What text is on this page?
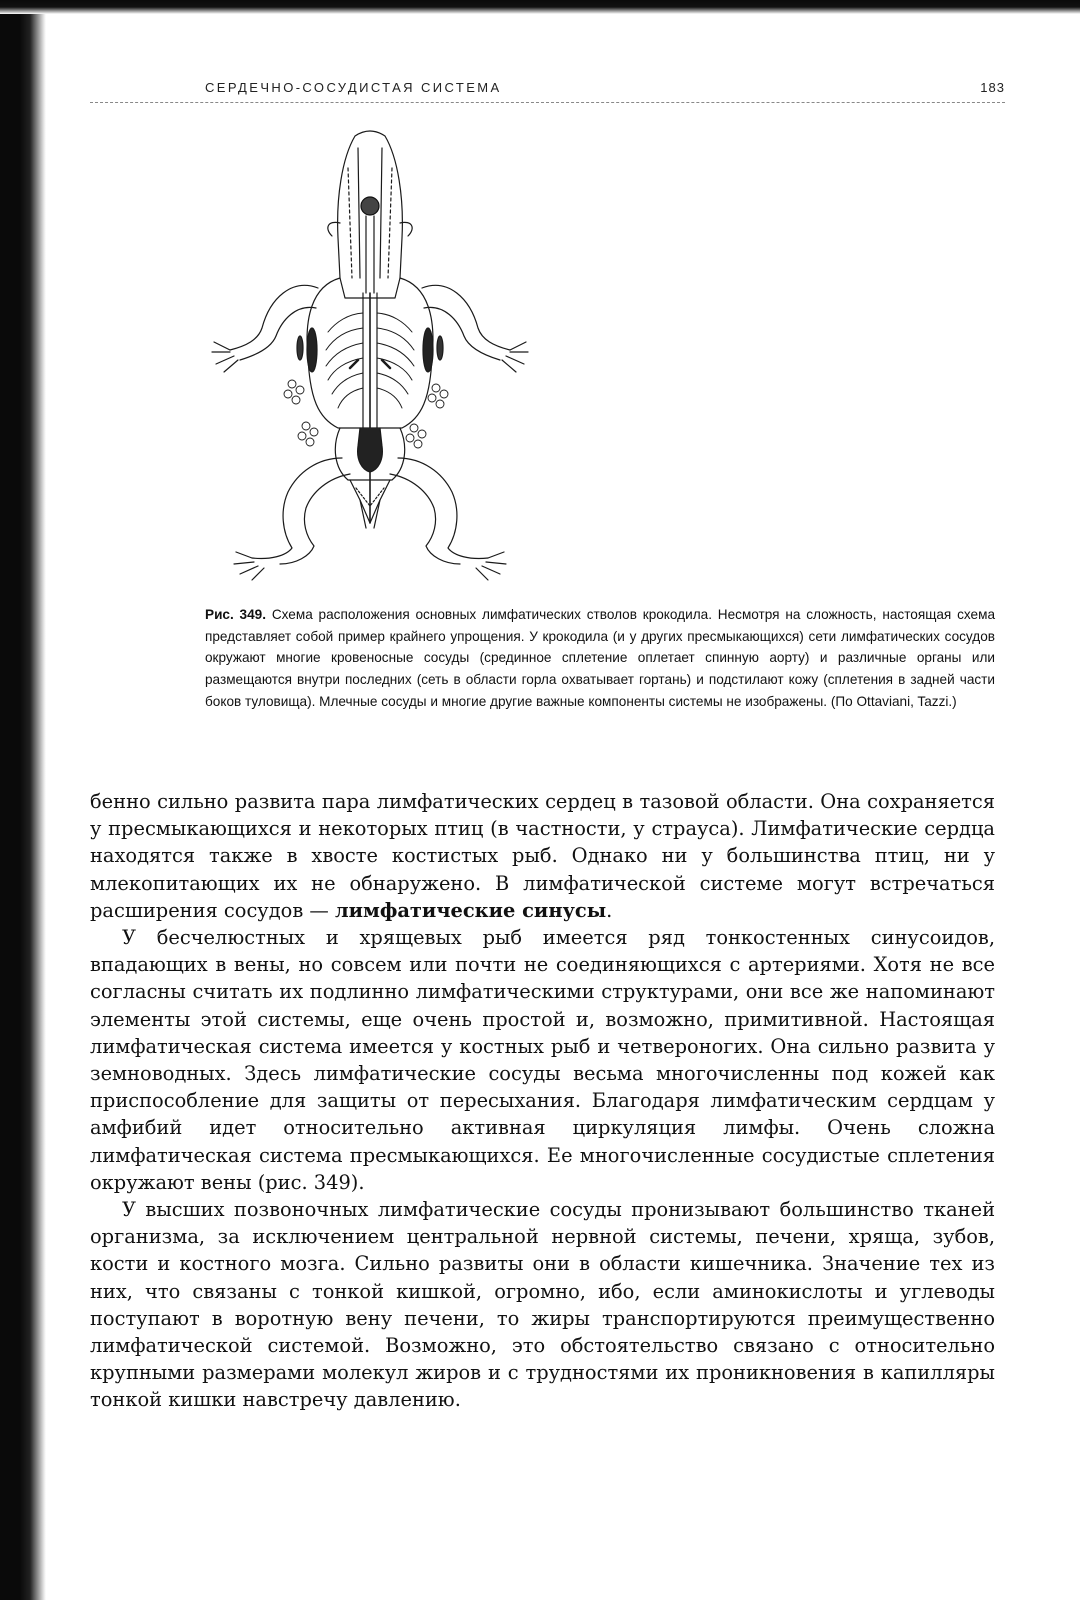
СЕРДЕЧНО-СОСУДИСТАЯ СИСТЕМА	183
Рис. 349. Схема расположения основных лимфатических стволов крокодила. Несмотря на сложность, настоящая схема представляет собой пример крайнего упрощения. У крокодила (и у других пресмыкающихся) сети лимфатических сосудов окружают многие кровеносные сосуды (срединное сплетение оплетает спинную аорту) и различные органы или размещаются внутри последних (сеть в области горла охватывает гортань) и подстилают кожу (сплетения в задней части боков туловища). Млечные сосуды и многие другие важные компоненты системы не изображены. (По Ottaviani, Tazzi.)

бенно сильно развита пара лимфатических сердец в тазовой области. Она сохраняется у пресмыкающихся и некоторых птиц (в частности, у страуса). Лимфатические сердца находятся также в хвосте костистых рыб. Однако ни у большинства птиц, ни у млекопитающих их не обнаружено. В лимфатической системе могут встречаться расширения сосудов — лимфатические синусы.

У бесчелюстных и хрящевых рыб имеется ряд тонкостенных синусоидов, впадающих в вены, но совсем или почти не соединяющихся с артериями. Хотя не все согласны считать их подлинно лимфатическими структурами, они все же напоминают элементы этой системы, еще очень простой и, возможно, примитивной. Настоящая лимфатическая система имеется у костных рыб и четвероногих. Она сильно развита у земноводных. Здесь лимфатические сосуды весьма многочисленны под кожей как приспособление для защиты от пересыхания. Благодаря лимфатическим сердцам у амфибий идет относительно активная циркуляция лимфы. Очень сложна лимфатическая система пресмыкающихся. Ее многочисленные сосудистые сплетения окружают вены (рис. 349).

У высших позвоночных лимфатические сосуды пронизывают большинство тканей организма, за исключением центральной нервной системы, печени, хряща, зубов, кости и костного мозга. Сильно развиты они в области кишечника. Значение тех из них, что связаны с тонкой кишкой, огромно, ибо, если аминокислоты и углеводы поступают в воротную вену печени, то жиры транспортируются преимущественно лимфатической системой. Возможно, это обстоятельство связано с относительно крупными размерами молекул жиров и с трудностями их проникновения в капилляры тонкой кишки навстречу давлению.
